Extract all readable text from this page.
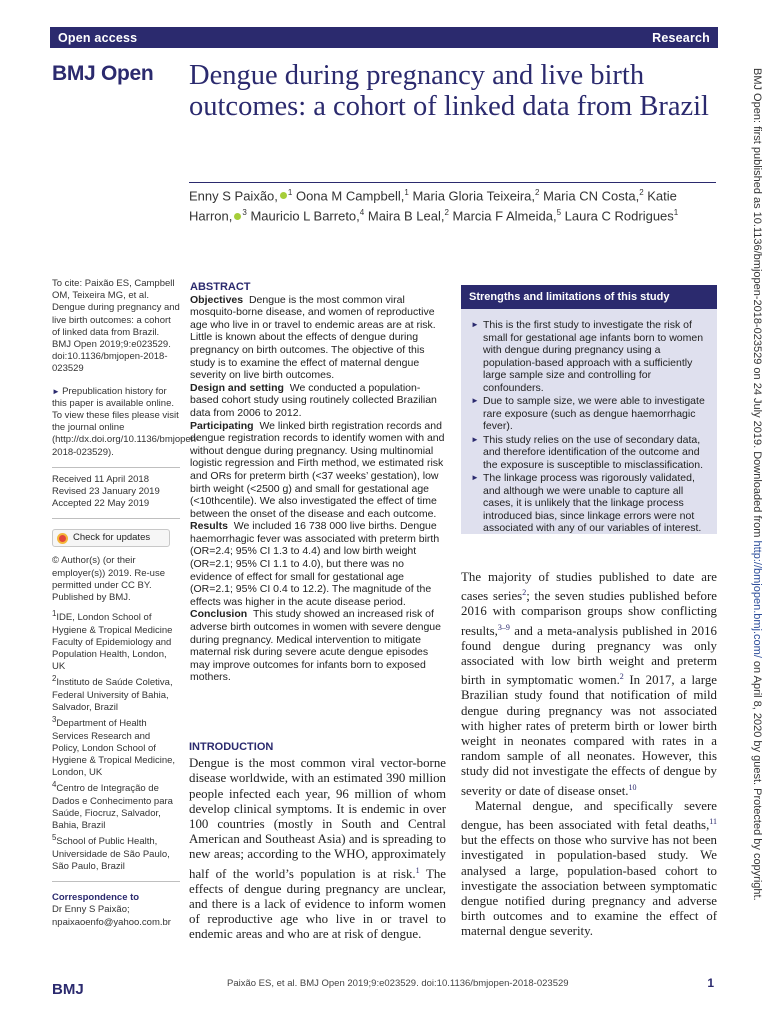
Open access	Research
BMJ Open Dengue during pregnancy and live birth outcomes: a cohort of linked data from Brazil
Enny S Paixão, $^1$ Oona M Campbell,$^1$ Maria Gloria Teixeira,$^2$ Maria CN Costa,$^2$ Katie Harron, $^3$ Mauricio L Barreto,$^4$ Maira B Leal,$^2$ Marcia F Almeida,$^5$ Laura C Rodrigues$^1$

To cite: Paixão ES, Campbell OM, Teixeira MG, et al. Dengue during pregnancy and live birth outcomes: a cohort of linked data from Brazil. BMJ Open 2019;9:e023529. doi:10.1136/bmjopen-2018-023529

► Prepublication history for this paper is available online. To view these files please visit the journal online (http://dx.doi.org/10.1136/bmjopen-2018-023529).

Received 11 April 2018

Revised 23 January 2019

Accepted 22 May 2019

Check for updates

© Author(s) (or their employer(s)) 2019. Re-use permitted under CC BY. Published by BMJ.

$^1$IDE, London School of Hygiene & Tropical Medicine Faculty of Epidemiology and Population Health, London, UK

$^2$Instituto de Saúde Coletiva, Federal University of Bahia, Salvador, Brazil

$^3$Department of Health Services Research and Policy, London School of Hygiene & Tropical Medicine, London, UK

$^4$Centro de Integração de Dados e Conhecimento para Saúde, Fiocruz, Salvador, Bahia, Brazil

$^5$School of Public Health, Universidade de São Paulo, São Paulo, Brazil

Correspondence to

Dr Enny S Paixão;

npaixaoenfo@yahoo.com.br

ABSTRACT

Objectives Dengue is the most common viral mosquito-borne disease, and women of reproductive age who live in or travel to endemic areas are at risk. Little is known about the effects of dengue during pregnancy on birth outcomes. The objective of this study is to examine the effect of maternal dengue severity on live birth outcomes.

Design and setting We conducted a population-based cohort study using routinely collected Brazilian data from 2006 to 2012.

Participating We linked birth registration records and dengue registration records to identify women with and without dengue during pregnancy. Using multinomial logistic regression and Firth method, we estimated risk and ORs for preterm birth (<37 weeks’ gestation), low birth weight (<2500 g) and small for gestational age (<10thcentile). We also investigated the effect of time between the onset of the disease and each outcome.

Results We included 16 738 000 live births. Dengue haemorrhagic fever was associated with preterm birth (OR=2.4; 95% CI 1.3 to 4.4) and low birth weight (OR=2.1; 95% CI 1.1 to 4.0), but there was no evidence of effect for small for gestational age (OR=2.1; 95% CI 0.4 to 12.2). The magnitude of the effects was higher in the acute disease period.

Conclusion This study showed an increased risk of adverse birth outcomes in women with severe dengue during pregnancy. Medical intervention to mitigate maternal risk during severe acute dengue episodes may improve outcomes for infants born to exposed mothers.

Strengths and limitations of this study
► This is the first study to investigate the risk of small for gestational age infants born to women with dengue during pregnancy using a population-based approach with a sufficiently large sample size and controlling for confounders.
► Due to sample size, we were able to investigate rare exposure (such as dengue haemorrhagic fever).
► This study relies on the use of secondary data, and therefore identification of the outcome and the exposure is susceptible to misclassification.
► The linkage process was rigorously validated, and although we were unable to capture all cases, it is unlikely that the linkage process introduced bias, since linkage errors were not associated with any of our variables of interest.

INTRODUCTION

Dengue is the most common viral vector-borne disease worldwide, with an estimated 390 million people infected each year, 96 million of whom develop clinical symptoms. It is endemic in over 100 countries (mostly in South and Central American and Southeast Asia) and is spreading to new areas; according to the WHO, approximately half of the world’s population is at risk.$^1$ The effects of dengue during pregnancy are unclear, and there is a lack of evidence to inform women of reproductive age who live in or travel to endemic areas and who are at risk of dengue.

The majority of studies published to date are cases series$^2$; the seven studies published before 2016 with comparison groups show conflicting results,$^{3-9}$ and a meta-analysis published in 2016 found dengue during pregnancy was only associated with low birth weight and preterm birth in symptomatic women.$^2$ In 2017, a large Brazilian study found that notification of mild dengue during pregnancy was not associated with higher rates of preterm birth or lower birth weight in neonates compared with rates in a random sample of all neonates. However, this study did not investigate the effects of dengue by severity or date of disease onset.$^{10}$

Maternal dengue, and specifically severe dengue, has been associated with fetal deaths,$^{11}$ but the effects on those who survive has not been investigated in population-based study. We analysed a large, population-based cohort to investigate the association between symptomatic dengue notified during pregnancy and adverse birth outcomes and to examine the effect of maternal dengue severity.

BMJ Open: first published as 10.1136/bmjopen-2018-023529 on 24 July 2019. Downloaded from http://bmjopen.bmj.com/ on April 8, 2020 by guest. Protected by copyright.
BMJ	Paixão ES, et al. BMJ Open 2019;9:e023529. doi:10.1136/bmjopen-2018-023529	1
